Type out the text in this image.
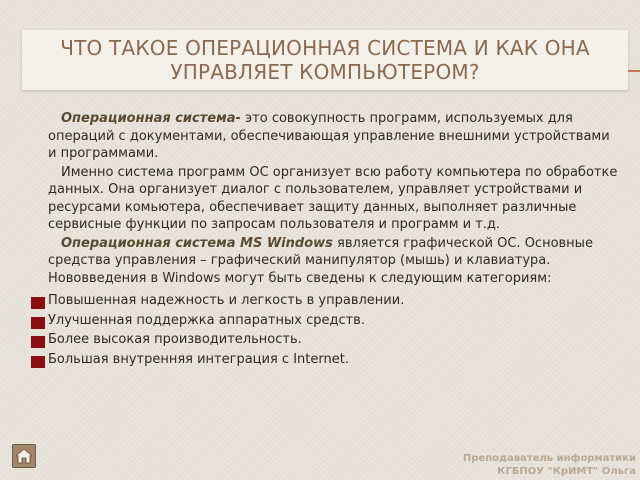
ЧТО ТАКОЕ ОПЕРАЦИОННАЯ СИСТЕМА И КАК ОНА УПРАВЛЯЕТ КОМПЬЮТЕРОМ?

Операционная система- это совокупность программ, используемых для операций с документами, обеспечивающая управление внешними устройствами и программами.

Именно система программ ОС организует всю работу компьютера по обработке данных. Она организует диалог с пользователем, управляет устройствами и ресурсами комьютера, обеспечивает защиту данных, выполняет различные сервисные функции по запросам пользователя и программ и т.д.

Операционная система MS Windows является графической ОС. Основные средства управления – графический манипулятор (мышь) и клавиатура. Нововведения в Windows могут быть сведены к следующим категориям:

Повышенная надежность и легкость в управлении.
Улучшенная поддержка аппаратных средств.
Более высокая производительность.
Большая внутренняя интеграция с Internet.
Преподаватель информатики
КГБПОУ "КрИМТ" Ольга
